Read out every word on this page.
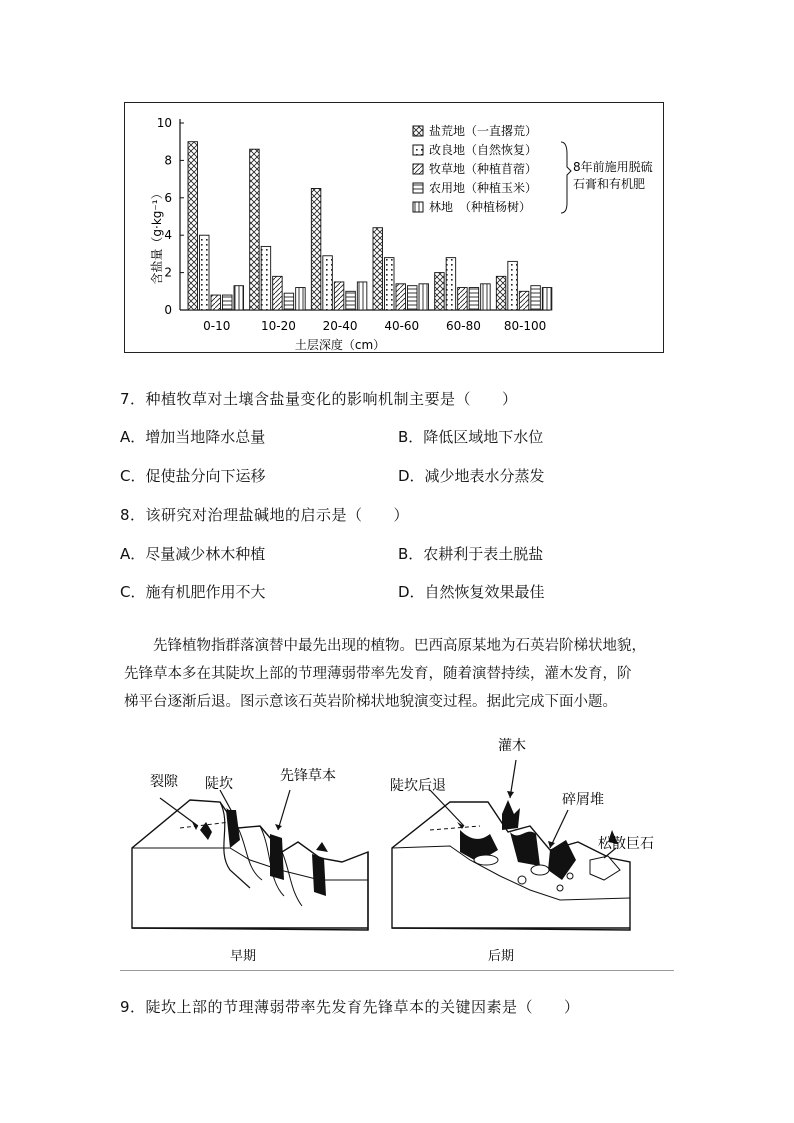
0
2
4
6
8
10
0-10	10-20 20-40 40-60 60-80 80-100
盐荒地（一直撂荒）
改良地（自然恢复）
牧草地（种植苜蓿）
农用地（种植玉米）
林地　（种植杨树）
8年前施用脱硫
石膏和有机肥
含盐量（g·kg⁻¹）
土层深度（cm）
7．种植牧草对土壤含盐量变化的影响机制主要是（　　）
A．增加当地降水总量	B．降低区域地下水位
C．促使盐分向下运移	D．减少地表水分蒸发
8．该研究对治理盐碱地的启示是（　　）
A．尽量减少林木种植	B．农耕利于表土脱盐
C．施有机肥作用不大	D．自然恢复效果最佳
　　先锋植物指群落演替中最先出现的植物。巴西高原某地为石英岩阶梯状地貌，
先锋草本多在其陡坎上部的节理薄弱带率先发育，随着演替持续，灌木发育，阶
梯平台逐渐后退。图示意该石英岩阶梯状地貌演变过程。据此完成下面小题。
裂隙 陡坎	先锋草本
早期
灌木
陡坎后退
碎屑堆
松散巨石
后期
9．陡坎上部的节理薄弱带率先发育先锋草本的关键因素是（　　）
